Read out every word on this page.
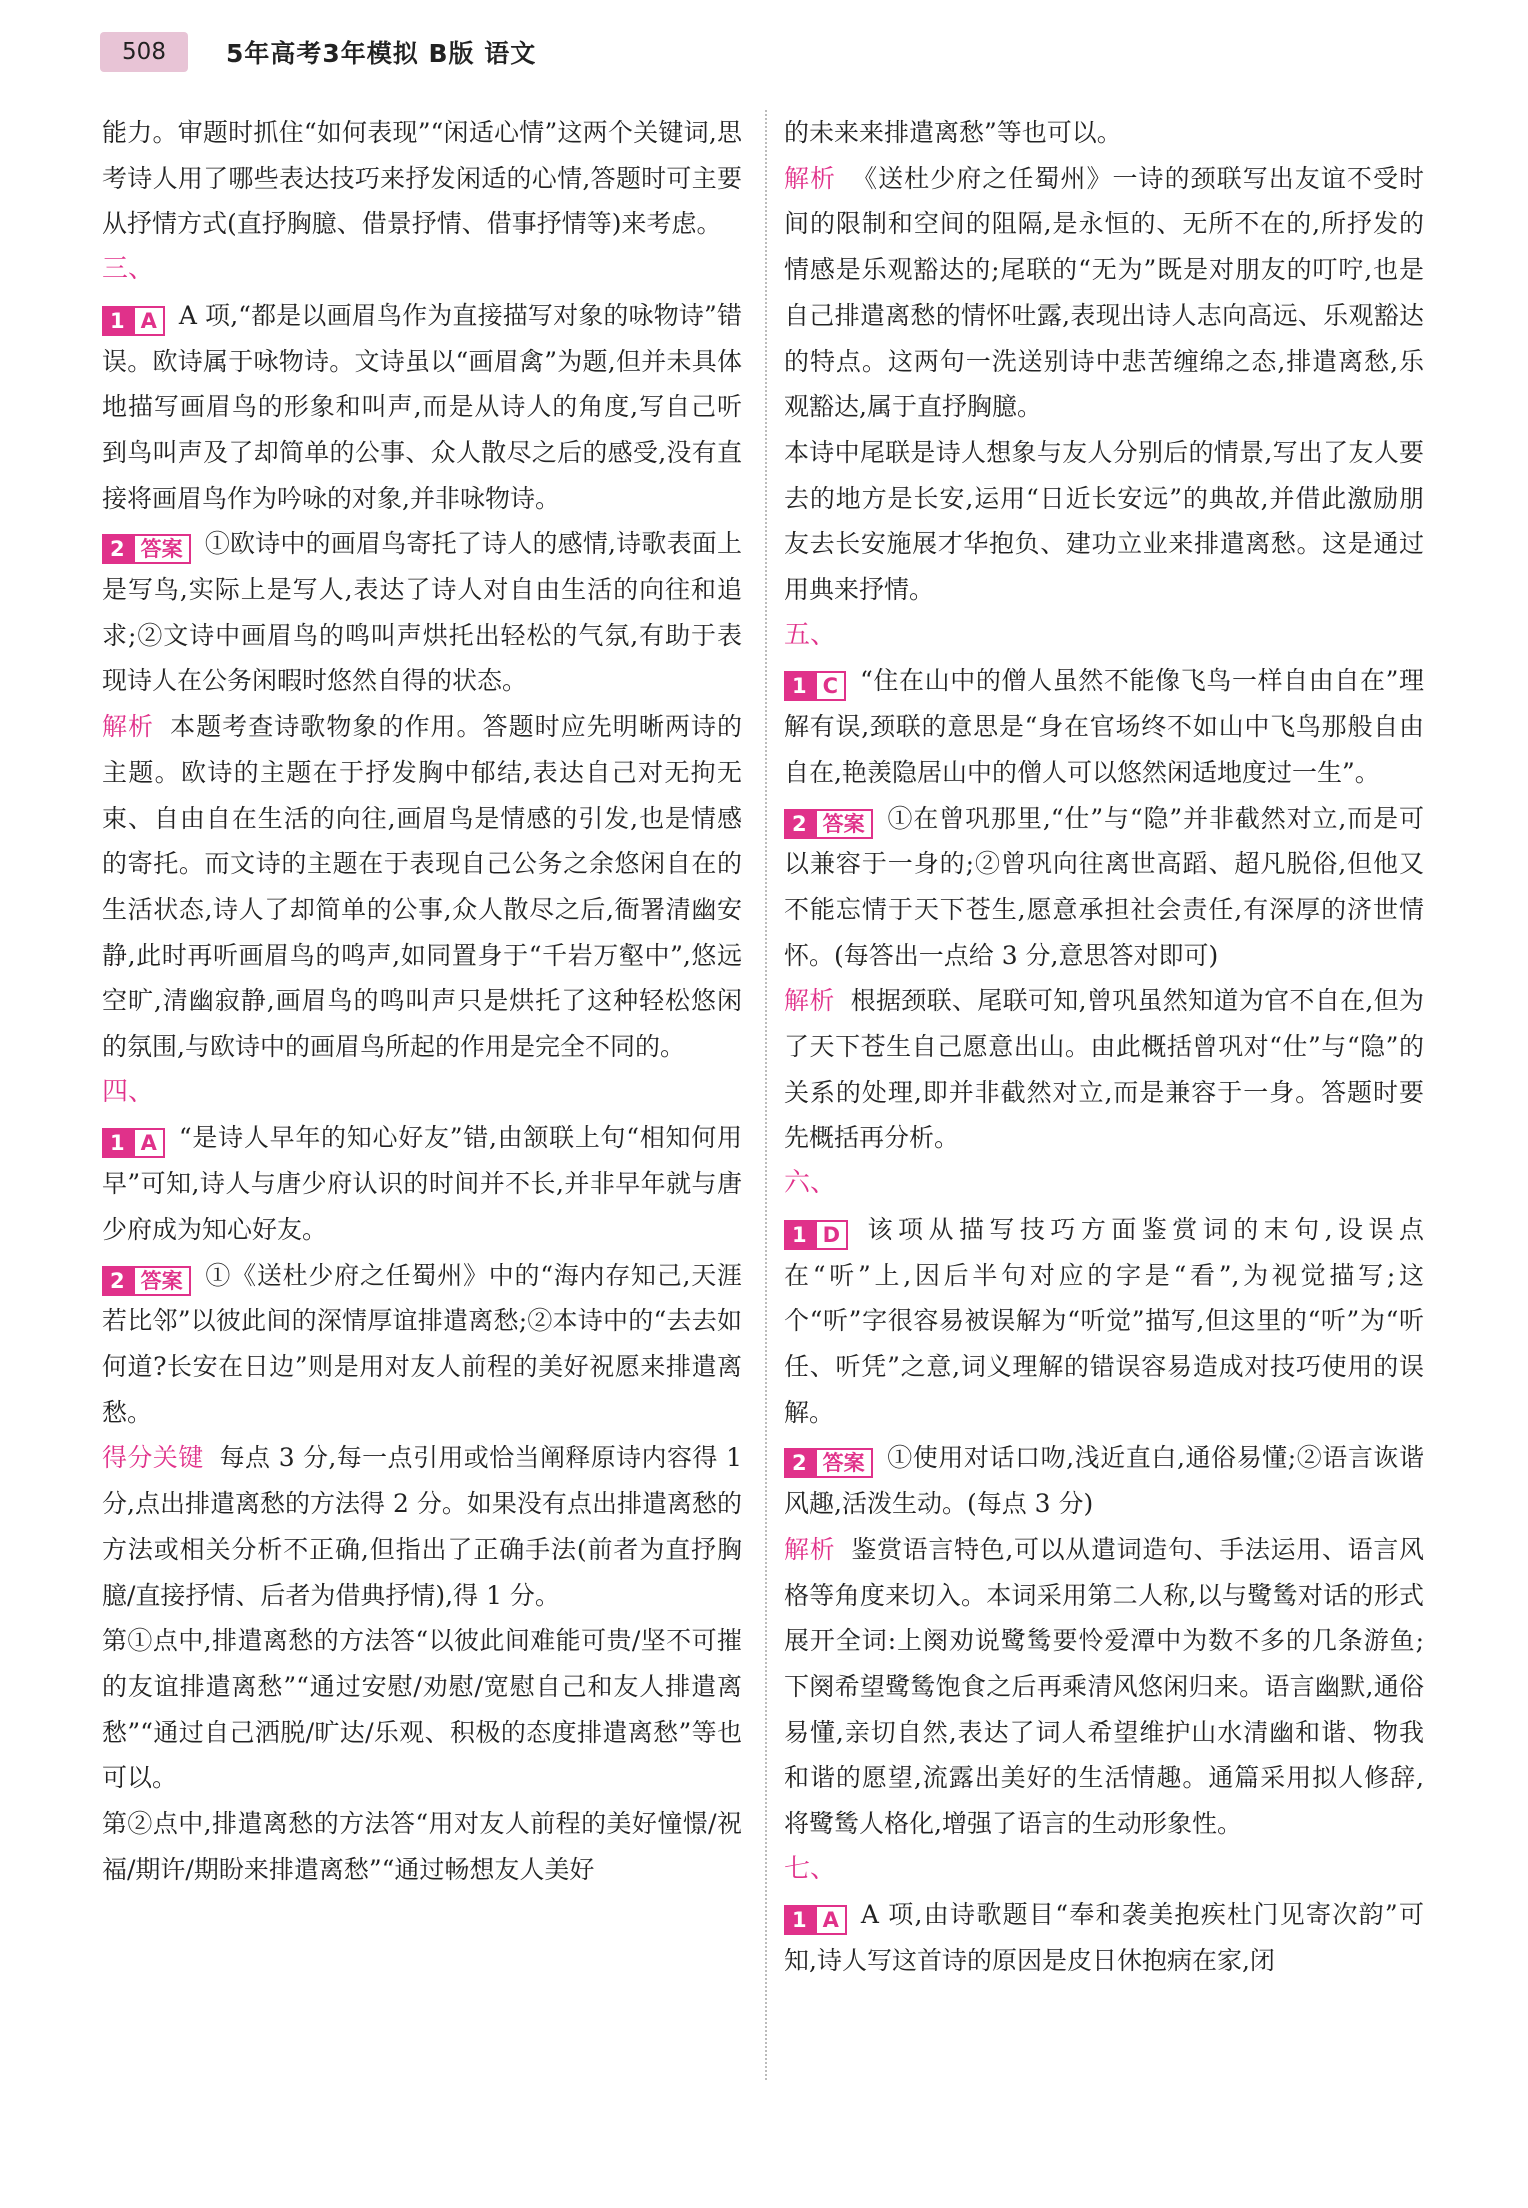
508	5年高考3年模拟 B版 语文

能力。审题时抓住“如何表现”“闲适心情”这两个关键词,思考诗人用了哪些表达技巧来抒发闲适的心情,答题时可主要从抒情方式(直抒胸臆、借景抒情、借事抒情等)来考虑。

三、

1 A A 项,“都是以画眉鸟作为直接描写对象的咏物诗”错误。欧诗属于咏物诗。文诗虽以“画眉禽”为题,但并未具体地描写画眉鸟的形象和叫声,而是从诗人的角度,写自己听到鸟叫声及了却简单的公事、众人散尽之后的感受,没有直接将画眉鸟作为吟咏的对象,并非咏物诗。

2 答案 ①欧诗中的画眉鸟寄托了诗人的感情,诗歌表面上是写鸟,实际上是写人,表达了诗人对自由生活的向往和追求;②文诗中画眉鸟的鸣叫声烘托出轻松的气氛,有助于表现诗人在公务闲暇时悠然自得的状态。

解析 本题考查诗歌物象的作用。答题时应先明晰两诗的主题。欧诗的主题在于抒发胸中郁结,表达自己对无拘无束、自由自在生活的向往,画眉鸟是情感的引发,也是情感的寄托。而文诗的主题在于表现自己公务之余悠闲自在的生活状态,诗人了却简单的公事,众人散尽之后,衙署清幽安静,此时再听画眉鸟的鸣声,如同置身于“千岩万壑中”,悠远空旷,清幽寂静,画眉鸟的鸣叫声只是烘托了这种轻松悠闲的氛围,与欧诗中的画眉鸟所起的作用是完全不同的。

四、

1 A “是诗人早年的知心好友”错,由颔联上句“相知何用早”可知,诗人与唐少府认识的时间并不长,并非早年就与唐少府成为知心好友。

2 答案 ①《送杜少府之任蜀州》中的“海内存知己,天涯若比邻”以彼此间的深情厚谊排遣离愁;②本诗中的“去去如何道?长安在日边”则是用对友人前程的美好祝愿来排遣离愁。

得分关键 每点 3 分,每一点引用或恰当阐释原诗内容得 1 分,点出排遣离愁的方法得 2 分。如果没有点出排遣离愁的方法或相关分析不正确,但指出了正确手法(前者为直抒胸臆/直接抒情、后者为借典抒情),得 1 分。

第①点中,排遣离愁的方法答“以彼此间难能可贵/坚不可摧的友谊排遣离愁”“通过安慰/劝慰/宽慰自己和友人排遣离愁”“通过自己洒脱/旷达/乐观、积极的态度排遣离愁”等也可以。

第②点中,排遣离愁的方法答“用对友人前程的美好憧憬/祝福/期许/期盼来排遣离愁”“通过畅想友人美好

的未来来排遣离愁”等也可以。

解析 《送杜少府之任蜀州》一诗的颈联写出友谊不受时间的限制和空间的阻隔,是永恒的、无所不在的,所抒发的情感是乐观豁达的;尾联的“无为”既是对朋友的叮咛,也是自己排遣离愁的情怀吐露,表现出诗人志向高远、乐观豁达的特点。这两句一洗送别诗中悲苦缠绵之态,排遣离愁,乐观豁达,属于直抒胸臆。

本诗中尾联是诗人想象与友人分别后的情景,写出了友人要去的地方是长安,运用“日近长安远”的典故,并借此激励朋友去长安施展才华抱负、建功立业来排遣离愁。这是通过用典来抒情。

五、

1 C “住在山中的僧人虽然不能像飞鸟一样自由自在”理解有误,颈联的意思是“身在官场终不如山中飞鸟那般自由自在,艳羡隐居山中的僧人可以悠然闲适地度过一生”。

2 答案 ①在曾巩那里,“仕”与“隐”并非截然对立,而是可以兼容于一身的;②曾巩向往离世高蹈、超凡脱俗,但他又不能忘情于天下苍生,愿意承担社会责任,有深厚的济世情怀。(每答出一点给 3 分,意思答对即可)

解析 根据颈联、尾联可知,曾巩虽然知道为官不自在,但为了天下苍生自己愿意出山。由此概括曾巩对“仕”与“隐”的关系的处理,即并非截然对立,而是兼容于一身。答题时要先概括再分析。

六、

1 D 该项从描写技巧方面鉴赏词的末句,设误点在“听”上,因后半句对应的字是“看”,为视觉描写;这个“听”字很容易被误解为“听觉”描写,但这里的“听”为“听任、听凭”之意,词义理解的错误容易造成对技巧使用的误解。

2 答案 ①使用对话口吻,浅近直白,通俗易懂;②语言诙谐风趣,活泼生动。(每点 3 分)

解析 鉴赏语言特色,可以从遣词造句、手法运用、语言风格等角度来切入。本词采用第二人称,以与鹭鸶对话的形式展开全词:上阕劝说鹭鸶要怜爱潭中为数不多的几条游鱼;下阕希望鹭鸶饱食之后再乘清风悠闲归来。语言幽默,通俗易懂,亲切自然,表达了词人希望维护山水清幽和谐、物我和谐的愿望,流露出美好的生活情趣。通篇采用拟人修辞,将鹭鸶人格化,增强了语言的生动形象性。

七、

1 A A 项,由诗歌题目“奉和袭美抱疾杜门见寄次韵”可知,诗人写这首诗的原因是皮日休抱病在家,闭
